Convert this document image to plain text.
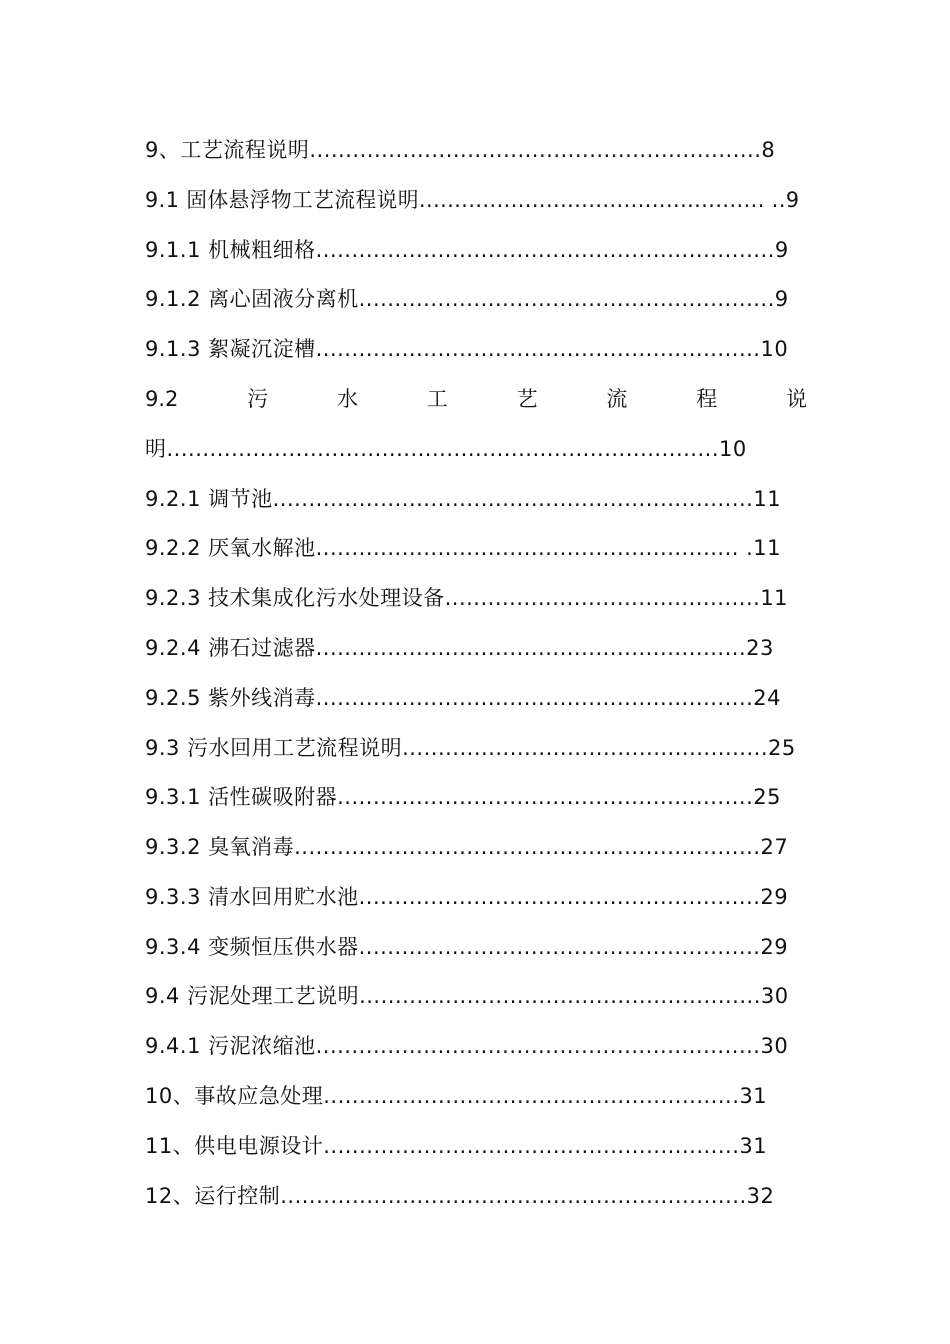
9、工艺流程说明...............................................................8
9.1 固体悬浮物工艺流程说明................................................. ..9
9.1.1 机械粗细格................................................................9
9.1.2 离心固液分离机..........................................................9
9.1.3 絮凝沉淀槽..............................................................10
9.2	污	水	工	艺	流	程	说
明.............................................................................10
9.2.1 调节池...................................................................11
9.2.2 厌氧水解池........................................................... .11
9.2.3 技术集成化污水处理设备............................................11
9.2.4 沸石过滤器............................................................23
9.2.5 紫外线消毒.............................................................24
9.3 污水回用工艺流程说明...................................................25
9.3.1 活性碳吸附器..........................................................25
9.3.2 臭氧消毒.................................................................27
9.3.3 清水回用贮水池........................................................29
9.3.4 变频恒压供水器........................................................29
9.4 污泥处理工艺说明........................................................30
9.4.1 污泥浓缩池..............................................................30
10、事故应急处理..........................................................31
11、供电电源设计..........................................................31
12、运行控制.................................................................32
